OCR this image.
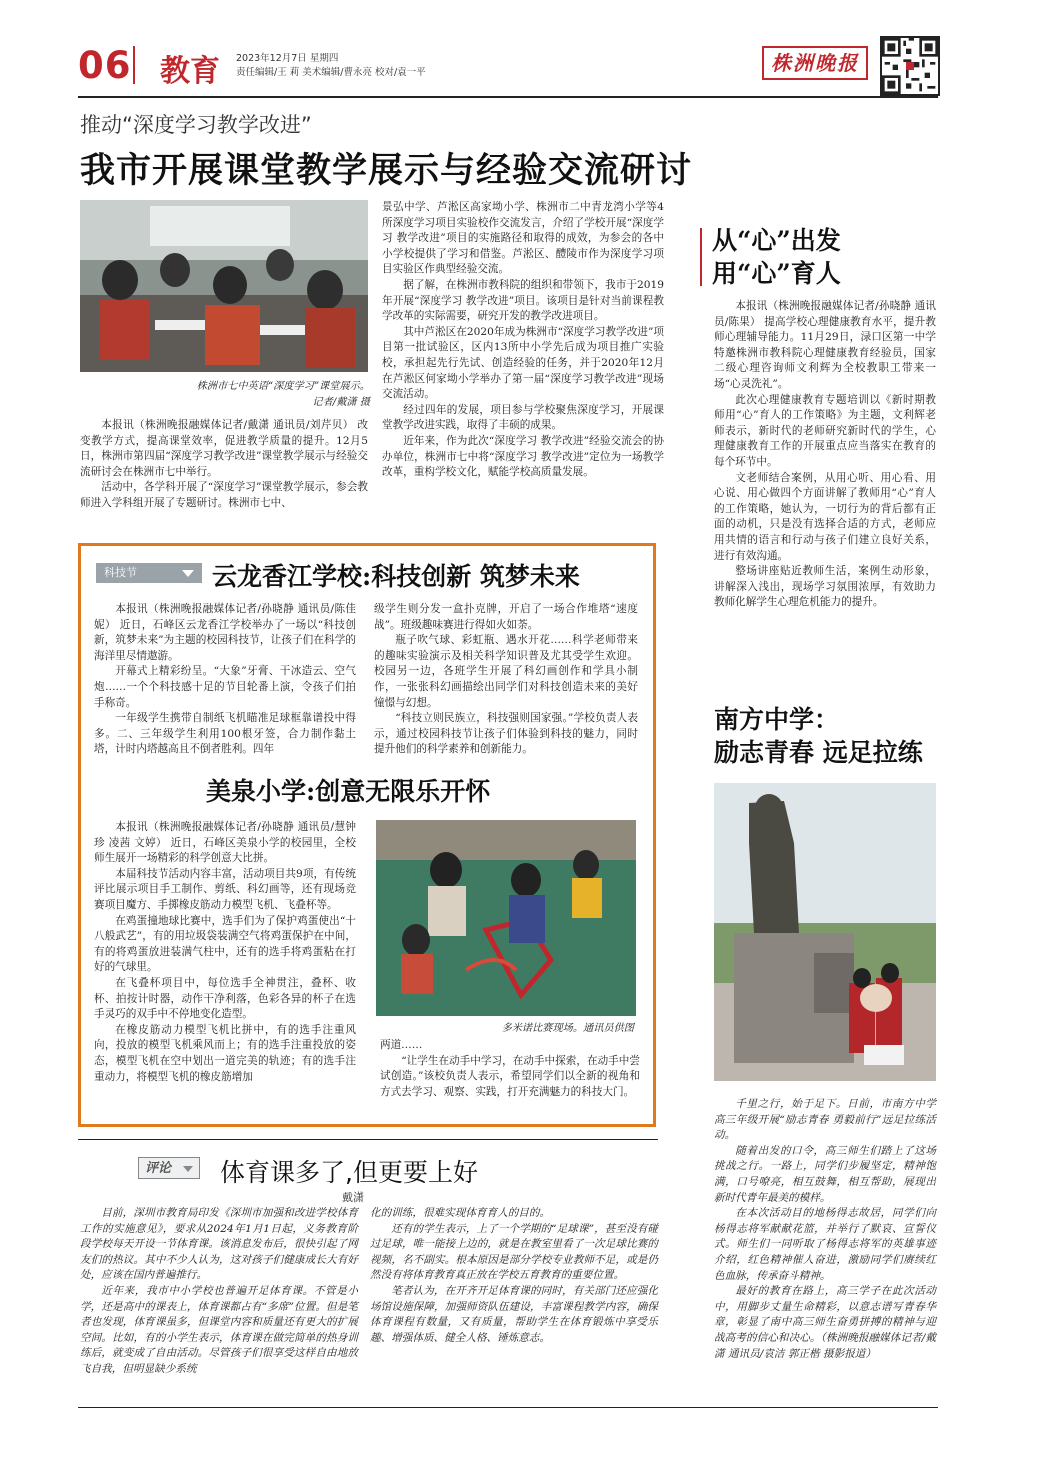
06 教育 2023年12月7日 星期四
责任编辑/王 莉 美术编辑/曹永亮 校对/袁一平	株洲晚报
推动“深度学习教学改进”
我市开展课堂教学展示与经验交流研讨
株洲市七中英语“深度学习”课堂展示。
记者/戴潇 摄

本报讯（株洲晚报融媒体记者/戴潇 通讯员/刘芹贝） 改变教学方式，提高课堂效率，促进教学质量的提升。12月5日，株洲市第四届“深度学习教学改进”课堂教学展示与经验交流研讨会在株洲市七中举行。

活动中，各学科开展了“深度学习”课堂教学展示，参会教师进入学科组开展了专题研讨。株洲市七中、

景弘中学、芦淞区高家坳小学、株洲市二中青龙湾小学等4所深度学习项目实验校作交流发言，介绍了学校开展“深度学习 教学改进”项目的实施路径和取得的成效，为参会的各中小学校提供了学习和借鉴。芦淞区、醴陵市作为深度学习项目实验区作典型经验交流。

据了解，在株洲市教科院的组织和带领下，我市于2019年开展“深度学习 教学改进”项目。该项目是针对当前课程教学改革的实际需要，研究开发的教学改进项目。

其中芦淞区在2020年成为株洲市“深度学习教学改进”项目第一批试验区，区内13所中小学先后成为项目推广实验校，承担起先行先试、创造经验的任务，并于2020年12月在芦淞区何家坳小学举办了第一届“深度学习教学改进”现场交流活动。

经过四年的发展，项目参与学校聚焦深度学习，开展课堂教学改进实践，取得了丰硕的成果。

近年来，作为此次“深度学习 教学改进”经验交流会的协办单位，株洲市七中将“深度学习 教学改进”定位为一场教学改革，重构学校文化，赋能学校高质量发展。

从“心”出发
用“心”育人

本报讯（株洲晚报融媒体记者/孙晓静 通讯员/陈果） 提高学校心理健康教育水平，提升教师心理辅导能力。11月29日，渌口区第一中学特邀株洲市教科院心理健康教育经验员，国家二级心理咨询师文利辉为全校教职工带来一场“心灵洗礼”。

此次心理健康教育专题培训以《新时期教师用“心”育人的工作策略》为主题，文利辉老师表示，新时代的老师研究新时代的学生，心理健康教育工作的开展重点应当落实在教育的每个环节中。

文老师结合案例，从用心听、用心看、用心说、用心做四个方面讲解了教师用“心”育人的工作策略，她认为，一切行为的背后都有正面的动机，只是没有选择合适的方式，老师应用共情的语言和行动与孩子们建立良好关系，进行有效沟通。

整场讲座贴近教师生活，案例生动形象，讲解深入浅出，现场学习氛围浓厚，有效助力教师化解学生心理危机能力的提升。

科技节	云龙香江学校:科技创新 筑梦未来

本报讯（株洲晚报融媒体记者/孙晓静 通讯员/陈佳妮） 近日，石峰区云龙香江学校举办了一场以“科技创新，筑梦未来”为主题的校园科技节，让孩子们在科学的海洋里尽情遨游。

开幕式上精彩纷呈。“大象”牙膏、干冰造云、空气炮……一个个科技感十足的节目轮番上演，令孩子们拍手称奇。

一年级学生携带自制纸飞机瞄准足球框靠谱投中得多。二、三年级学生利用100根牙签，合力制作黏土塔，计时内塔越高且不倒者胜利。四年

级学生则分发一盒扑克牌，开启了一场合作堆塔“速度战”。班级趣味赛进行得如火如荼。

瓶子吹气球、彩虹瓶、遇水开花……科学老师带来的趣味实验演示及相关科学知识普及尤其受学生欢迎。校园另一边，各班学生开展了科幻画创作和学具小制作，一张张科幻画描绘出同学们对科技创造未来的美好憧憬与幻想。

“科技立则民族立，科技强则国家强。”学校负责人表示，通过校园科技节让孩子们体验到科技的魅力，同时提升他们的科学素养和创新能力。

美泉小学:创意无限乐开怀

本报讯（株洲晚报融媒体记者/孙晓静 通讯员/慧钟珍 凌茜 文婷） 近日，石峰区美泉小学的校园里，全校师生展开一场精彩的科学创意大比拼。

本届科技节活动内容丰富，活动项目共9项，有传统评比展示项目手工制作、剪纸、科幻画等，还有现场竞赛项目魔方、手掷橡皮筋动力模型飞机、飞叠杯等。

在鸡蛋撞地球比赛中，选手们为了保护鸡蛋使出“十八般武艺”，有的用垃圾袋装满空气将鸡蛋保护在中间，有的将鸡蛋放进装满气柱中，还有的选手将鸡蛋粘在打好的气球里。

在飞叠杯项目中，每位选手全神贯注，叠杯、收杯、拍按计时器，动作干净利落，色彩各异的杯子在选手灵巧的双手中不停地变化造型。

在橡皮筋动力模型飞机比拼中，有的选手注重风向，投放的模型飞机乘风而上；有的选手注重投放的姿态，模型飞机在空中划出一道完美的轨迹；有的选手注重动力，将模型飞机的橡皮筋增加

多米诺比赛现场。通讯员供图

两道……

“让学生在动手中学习，在动手中探索，在动手中尝试创造。”该校负责人表示，希望同学们以全新的视角和方式去学习、观察、实践，打开充满魅力的科技大门。

评论	体育课多了,但更要上好
戴潇

目前，深圳市教育局印发《深圳市加强和改进学校体育工作的实施意见》，要求从2024年1月1日起，义务教育阶段学校每天开设一节体育课。该消息发布后，很快引起了网友们的热议。其中不少人认为，这对孩子们健康成长大有好处，应该在国内普遍推行。

近年来，我市中小学校也普遍开足体育课。不管是小学，还是高中的课表上，体育课都占有“多席”位置。但是笔者也发现，体育课虽多，但课堂内容和质量还有更大的扩展空间。比如，有的小学生表示，体育课在做完简单的热身训练后，就变成了自由活动。尽管孩子们很享受这样自由地放飞自我，但明显缺少系统

化的训练，很难实现体育育人的目的。

还有的学生表示，上了一个学期的“足球课”，甚至没有碰过足球，唯一能接上边的，就是在教室里看了一次足球比赛的视频，名不副实。根本原因是部分学校专业教师不足，或是仍然没有将体育教育真正放在学校五育教育的重要位置。

笔者认为，在开齐开足体育课的同时，有关部门还应强化场馆设施保障，加强师资队伍建设，丰富课程教学内容，确保体育课程有数量，又有质量，帮助学生在体育锻炼中享受乐趣、增强体质、健全人格、锤炼意志。

南方中学：
励志青春 远足拉练

千里之行，始于足下。日前，市南方中学高三年级开展“励志青春 勇毅前行”远足拉练活动。

随着出发的口令，高三师生们踏上了这场挑战之行。一路上，同学们步履坚定，精神饱满，口号嘹亮，相互鼓舞，相互帮助，展现出新时代青年最美的模样。

在本次活动目的地杨得志故居，同学们向杨得志将军献献花篮，并举行了默哀、宣誓仪式。师生们一同听取了杨得志将军的英雄事迹介绍，红色精神催人奋进，激励同学们赓续红色血脉，传承奋斗精神。

最好的教育在路上，高三学子在此次活动中，用脚步丈量生命精彩，以意志谱写青春华章，彰显了南中高三师生奋勇拼搏的精神与迎战高考的信心和决心。（株洲晚报融媒体记者/戴潇 通讯员/袁洁 郭正楷 摄影报道）
